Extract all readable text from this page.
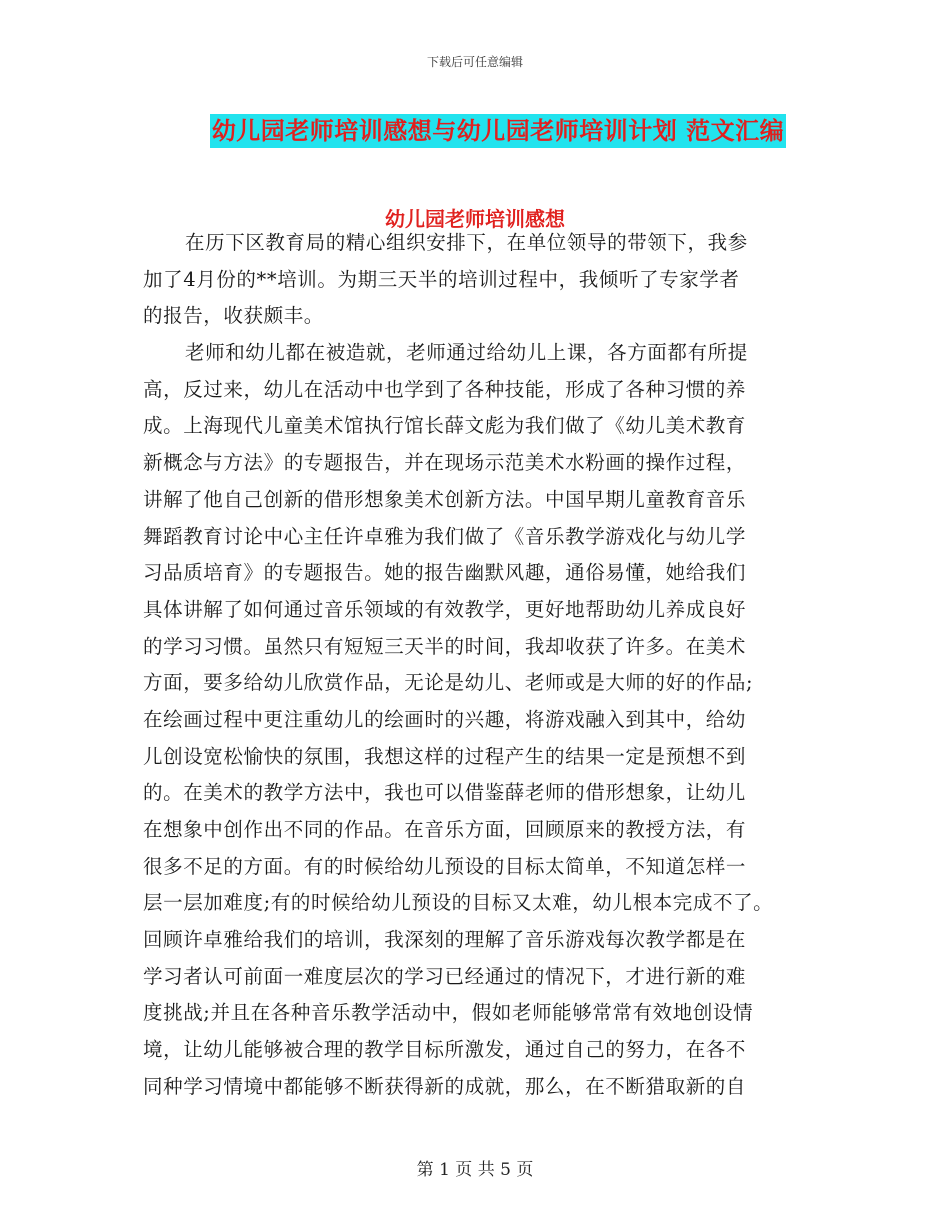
下载后可任意编辑
幼儿园老师培训感想与幼儿园老师培训计划 范文汇编
幼儿园老师培训感想
在历下区教育局的精心组织安排下，在单位领导的带领下，我参
加了4月份的**培训。为期三天半的培训过程中，我倾听了专家学者
的报告，收获颇丰。
老师和幼儿都在被造就，老师通过给幼儿上课，各方面都有所提
高，反过来，幼儿在活动中也学到了各种技能，形成了各种习惯的养
成。上海现代儿童美术馆执行馆长薛文彪为我们做了《幼儿美术教育
新概念与方法》的专题报告，并在现场示范美术水粉画的操作过程，
讲解了他自己创新的借形想象美术创新方法。中国早期儿童教育音乐
舞蹈教育讨论中心主任许卓雅为我们做了《音乐教学游戏化与幼儿学
习品质培育》的专题报告。她的报告幽默风趣，通俗易懂，她给我们
具体讲解了如何通过音乐领域的有效教学，更好地帮助幼儿养成良好
的学习习惯。虽然只有短短三天半的时间，我却收获了许多。在美术
方面，要多给幼儿欣赏作品，无论是幼儿、老师或是大师的好的作品;
在绘画过程中更注重幼儿的绘画时的兴趣，将游戏融入到其中，给幼
儿创设宽松愉快的氛围，我想这样的过程产生的结果一定是预想不到
的。在美术的教学方法中，我也可以借鉴薛老师的借形想象，让幼儿
在想象中创作出不同的作品。在音乐方面，回顾原来的教授方法，有
很多不足的方面。有的时候给幼儿预设的目标太简单，不知道怎样一
层一层加难度;有的时候给幼儿预设的目标又太难，幼儿根本完成不了。
回顾许卓雅给我们的培训，我深刻的理解了音乐游戏每次教学都是在
学习者认可前面一难度层次的学习已经通过的情况下，才进行新的难
度挑战;并且在各种音乐教学活动中，假如老师能够常常有效地创设情
境，让幼儿能够被合理的教学目标所激发，通过自己的努力，在各不
同种学习情境中都能够不断获得新的成就，那么，在不断猎取新的自
第 1 页 共 5 页
